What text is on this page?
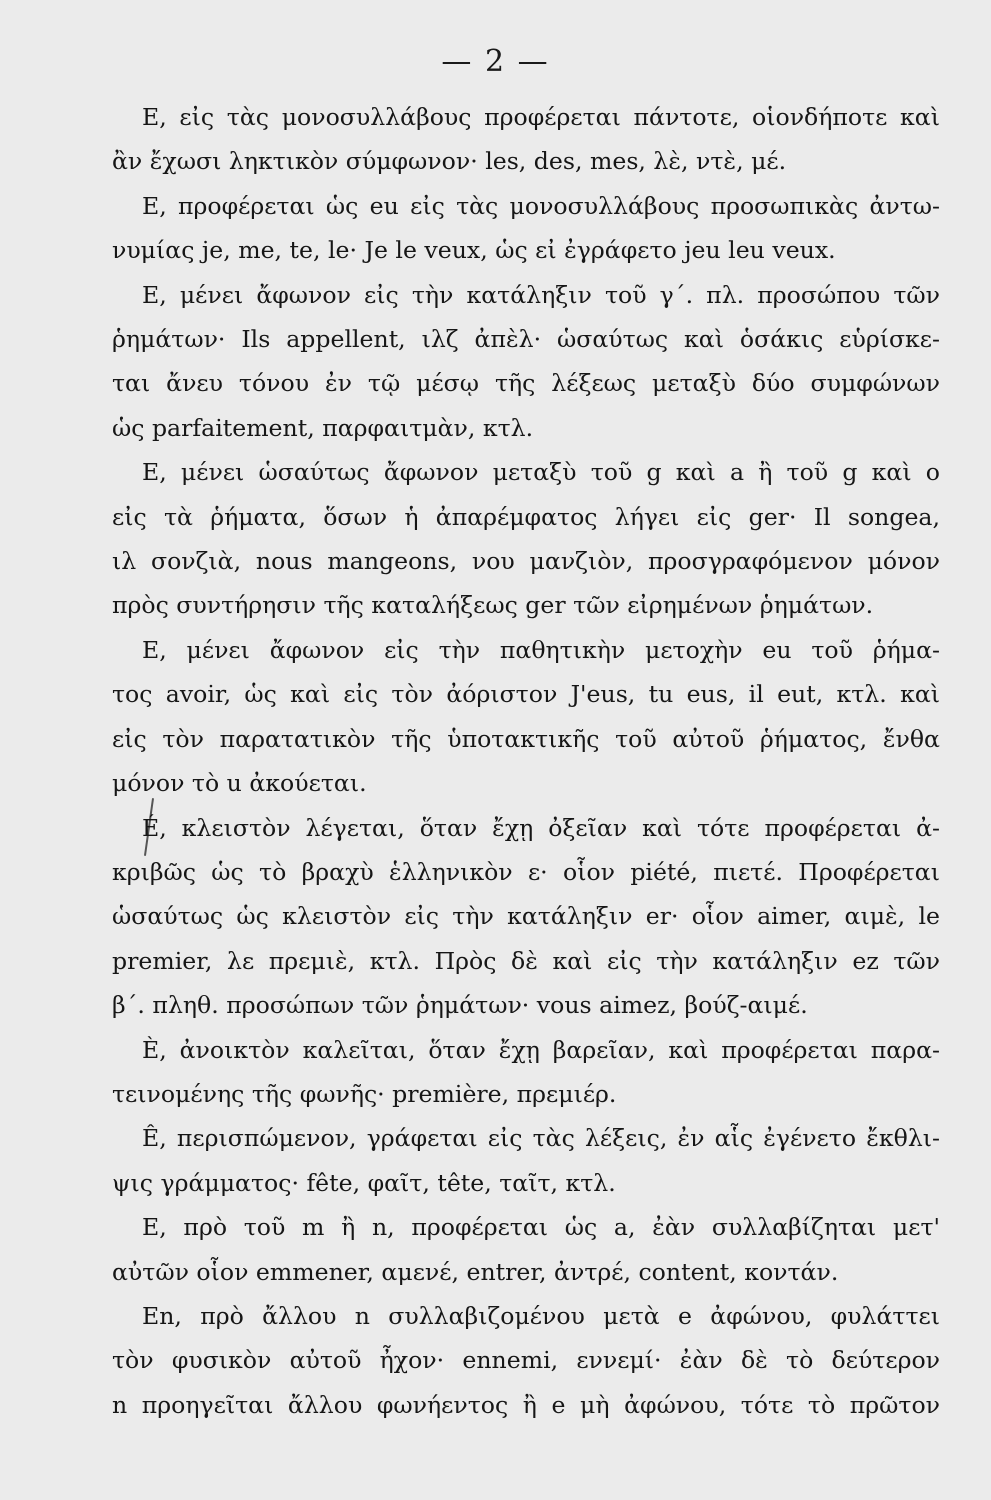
— 2 —
E, εἰς τὰς μονοσυλλάβους προφέρεται πάντοτε, οἱονδήποτε καὶ
ἂν ἔχωσι ληκτικὸν σύμφωνον· les, des, mes, λὲ, ντὲ, μέ.
E, προφέρεται ὡς eu εἰς τὰς μονοσυλλάβους προσωπικὰς ἀντω-
νυμίας je, me, te, le· Je le veux, ὡς εἰ ἐγράφετο jeu leu veux.
E, μένει ἄφωνον εἰς τὴν κατάληξιν τοῦ γ΄. πλ. προσώπου τῶν
ῥημάτων· Ils appellent, ιλζ ἀπὲλ· ὡσαύτως καὶ ὁσάκις εὑρίσκε-
ται ἄνευ τόνου ἐν τῷ μέσῳ τῆς λέξεως μεταξὺ δύο συμφώνων
ὡς parfaitement, παρφαιτμὰν, κτλ.
E, μένει ὡσαύτως ἄφωνον μεταξὺ τοῦ g καὶ a ἢ τοῦ g καὶ o
εἰς τὰ ῥήματα, ὅσων ἡ ἀπαρέμφατος λήγει εἰς ger· Il songea,
ιλ σονζιὰ, nous mangeons, νου μανζιὸν, προσγραφόμενον μόνον
πρὸς συντήρησιν τῆς καταλήξεως ger τῶν εἰρημένων ῥημάτων.
E, μένει ἄφωνον εἰς τὴν παθητικὴν μετοχὴν eu τοῦ ῥήμα-
τος avoir, ὡς καὶ εἰς τὸν ἀόριστον J'eus, tu eus, il eut, κτλ. καὶ
εἰς τὸν παρατατικὸν τῆς ὑποτακτικῆς τοῦ αὐτοῦ ῥήματος, ἔνθα
μόνον τὸ u ἀκούεται.
É, κλειστὸν λέγεται, ὅταν ἔχῃ ὀξεῖαν καὶ τότε προφέρεται ἀ-
κριβῶς ὡς τὸ βραχὺ ἑλληνικὸν ε· οἷον piété, πιετέ. Προφέρεται
ὡσαύτως ὡς κλειστὸν εἰς τὴν κατάληξιν er· οἷον aimer, αιμὲ, le
premier, λε πρεμιὲ, κτλ. Πρὸς δὲ καὶ εἰς τὴν κατάληξιν ez τῶν
β΄. πληθ. προσώπων τῶν ῥημάτων· vous aimez, βούζ-αιμέ.
È, ἀνοικτὸν καλεῖται, ὅταν ἔχῃ βαρεῖαν, καὶ προφέρεται παρα-
τεινομένης τῆς φωνῆς· première, πρεμιέρ.
Ê, περισπώμενον, γράφεται εἰς τὰς λέξεις, ἐν αἷς ἐγένετο ἔκθλι-
ψις γράμματος· fête, φαῖτ, tête, ταῖτ, κτλ.
E, πρὸ τοῦ m ἢ n, προφέρεται ὡς a, ἐὰν συλλαβίζηται μετ'
αὐτῶν οἷον emmener, αμενέ, entrer, ἀντρέ, content, κοντάν.
En, πρὸ ἄλλου n συλλαβιζομένου μετὰ e ἀφώνου, φυλάττει
τὸν φυσικὸν αὐτοῦ ἦχον· ennemi, εννεμί· ἐὰν δὲ τὸ δεύτερον
n προηγεῖται ἄλλου φωνήεντος ἢ e μὴ ἀφώνου, τότε τὸ πρῶτον
